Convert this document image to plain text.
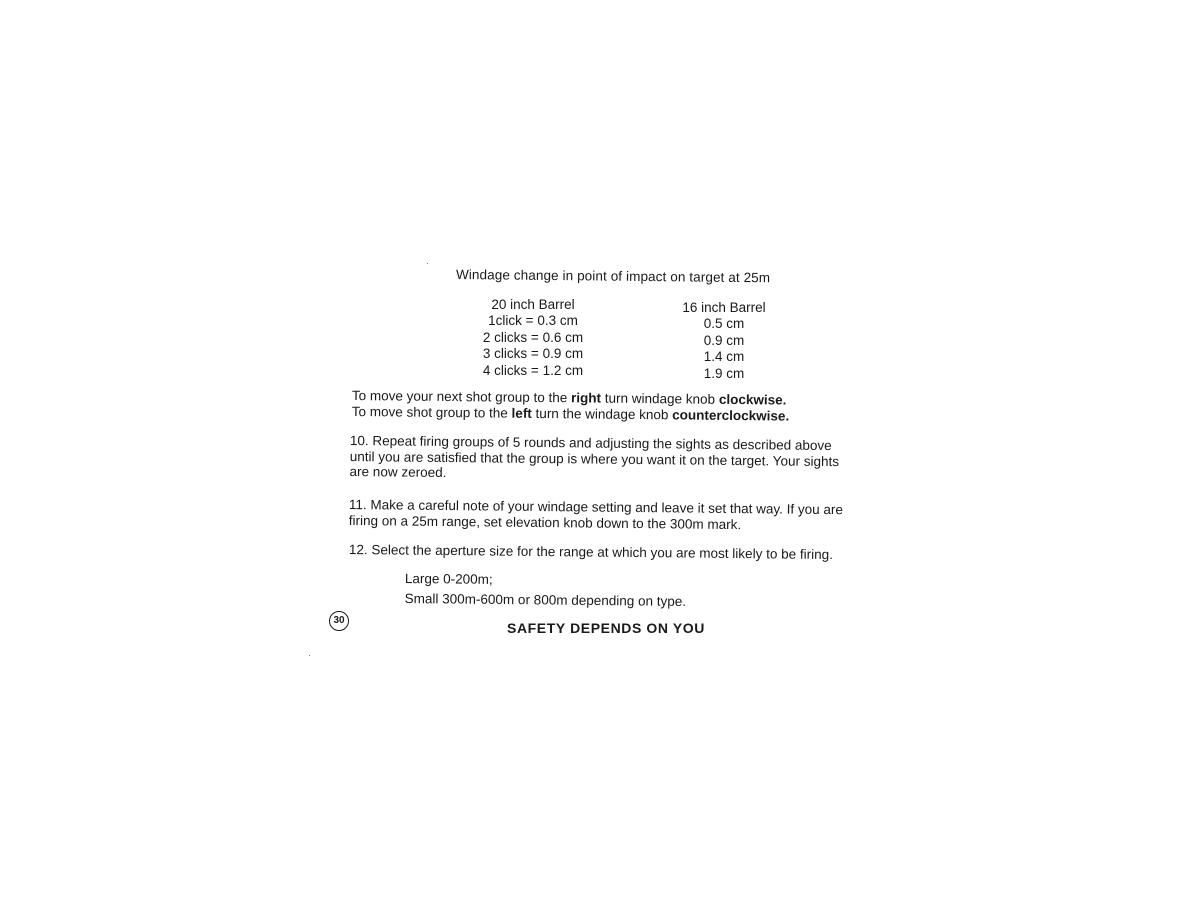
Windage change in point of impact on target at 25m
20 inch Barrel
1click = 0.3 cm
2 clicks = 0.6 cm
3 clicks = 0.9 cm
4 clicks = 1.2 cm
16 inch Barrel
0.5 cm
0.9 cm
1.4 cm
1.9 cm
To move your next shot group to the right turn windage knob clockwise.
To move shot group to the left turn the windage knob counterclockwise.
10. Repeat firing groups of 5 rounds and adjusting the sights as described above
until you are satisfied that the group is where you want it on the target. Your sights
are now zeroed.
11. Make a careful note of your windage setting and leave it set that way. If you are
firing on a 25m range, set elevation knob down to the 300m mark.
12. Select the aperture size for the range at which you are most likely to be firing.
Large 0-200m;
Small 300m-600m or 800m depending on type.
30	SAFETY DEPENDS ON YOU
